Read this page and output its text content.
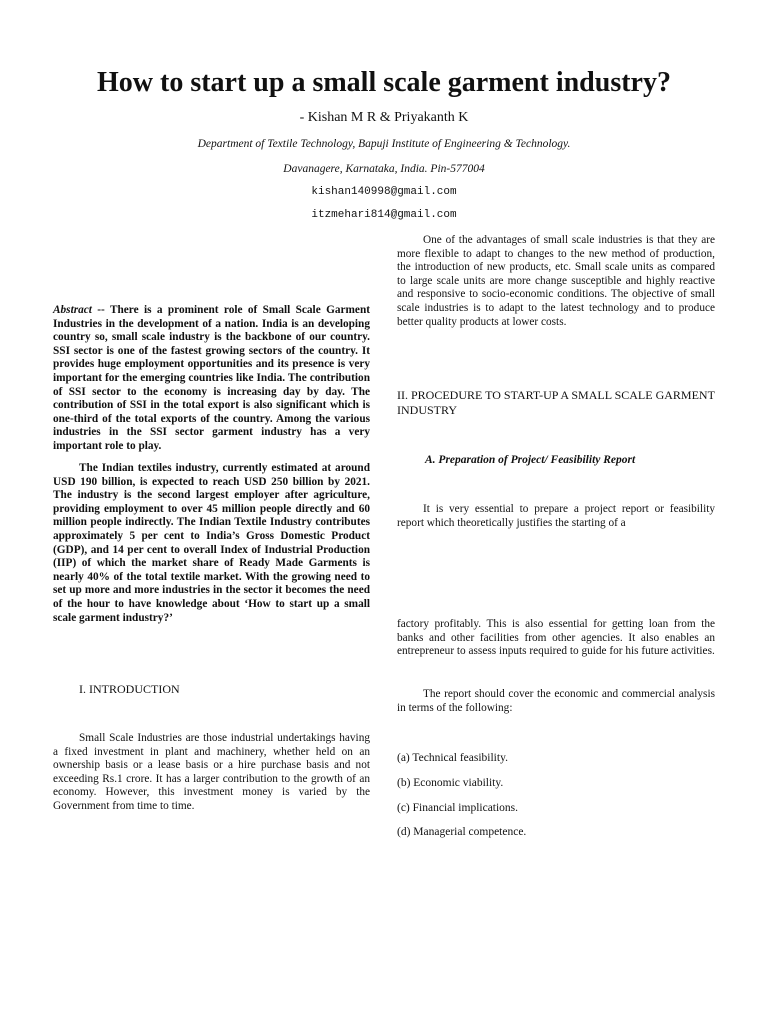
How to start up a small scale garment industry?
- Kishan M R & Priyakanth K
Department of Textile Technology, Bapuji Institute of Engineering & Technology.
Davanagere, Karnataka, India. Pin-577004
kishan140998@gmail.com
itzmehari814@gmail.com

Abstract -- There is a prominent role of Small Scale Garment Industries in the development of a nation. India is an developing country so, small scale industry is the backbone of our country. SSI sector is one of the fastest growing sectors of the country. It provides huge employment opportunities and its presence is very important for the emerging countries like India. The contribution of SSI sector to the economy is increasing day by day. The contribution of SSI in the total export is also significant which is one-third of the total exports of the country. Among the various industries in the SSI sector garment industry has a very important role to play.

The Indian textiles industry, currently estimated at around USD 190 billion, is expected to reach USD 250 billion by 2021. The industry is the second largest employer after agriculture, providing employment to over 45 million people directly and 60 million people indirectly. The Indian Textile Industry contributes approximately 5 per cent to India’s Gross Domestic Product (GDP), and 14 per cent to overall Index of Industrial Production (IIP) of which the market share of Ready Made Garments is nearly 40% of the total textile market. With the growing need to set up more and more industries in the sector it becomes the need of the hour to have knowledge about ‘How to start up a small scale garment industry?’

I. INTRODUCTION

Small Scale Industries are those industrial undertakings having a fixed investment in plant and machinery, whether held on an ownership basis or a lease basis or a hire purchase basis and not exceeding Rs.1 crore. It has a larger contribution to the growth of an economy. However, this investment money is varied by the Government from time to time.

One of the advantages of small scale industries is that they are more flexible to adapt to changes to the new method of production, the introduction of new products, etc. Small scale units as compared to large scale units are more change susceptible and highly reactive and responsive to socio-economic conditions. The objective of small scale industries is to adapt to the latest technology and to produce better quality products at lower costs.

II. PROCEDURE TO START-UP A SMALL SCALE GARMENT INDUSTRY
A. Preparation of Project/ Feasibility Report

It is very essential to prepare a project report or feasibility report which theoretically justifies the starting of a

factory profitably. This is also essential for getting loan from the banks and other facilities from other agencies. It also enables an entrepreneur to assess inputs required to guide for his future activities.

The report should cover the economic and commercial analysis in terms of the following:

(a) Technical feasibility.
(b) Economic viability.
(c) Financial implications.
(d) Managerial competence.
